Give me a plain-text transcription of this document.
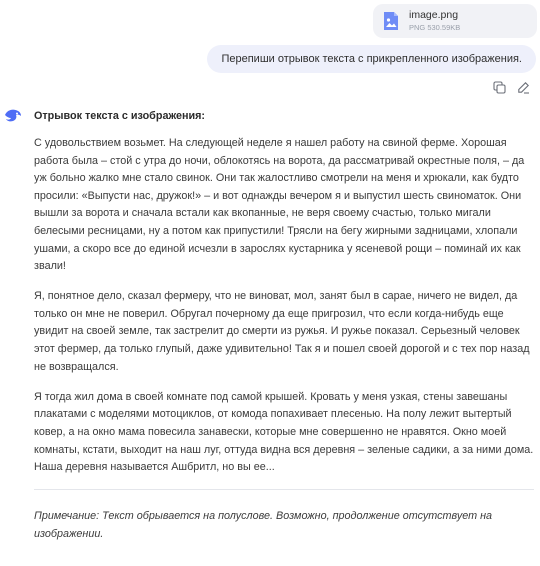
image.png
PNG 530.59KB
Перепиши отрывок текста с прикрепленного изображения.
Отрывок текста с изображения:

С удовольствием возьмет. На следующей неделе я нашел работу на свиной ферме. Хорошая работа была – стой с утра до ночи, облокотясь на ворота, да рассматривай окрестные поля, – да уж больно жалко мне стало свинок. Они так жалостливо смотрели на меня и хрюкали, как будто просили: «Выпусти нас, дружок!» – и вот однажды вечером я и выпустил шесть свиноматок. Они вышли за ворота и сначала встали как вкопанные, не веря своему счастью, только мигали белесыми ресницами, ну а потом как припустили! Трясли на бегу жирными задницами, хлопали ушами, а скоро все до единой исчезли в зарослях кустарника у ясеневой рощи – поминай их как звали!

Я, понятное дело, сказал фермеру, что не виноват, мол, занят был в сарае, ничего не видел, да только он мне не поверил. Обругал почерному да еще пригрозил, что если когда-нибудь еще увидит на своей земле, так застрелит до смерти из ружья. И ружье показал. Серьезный человек этот фермер, да только глупый, даже удивительно! Так я и пошел своей дорогой и с тех пор назад не возвращался.

Я тогда жил дома в своей комнате под самой крышей. Кровать у меня узкая, стены завешаны плакатами с моделями мотоциклов, от комода попахивает плесенью. На полу лежит вытертый ковер, а на окно мама повесила занавески, которые мне совершенно не нравятся. Окно моей комнаты, кстати, выходит на наш луг, оттуда видна вся деревня – зеленые садики, а за ними дома. Наша деревня называется Ашбритл, но вы ее...

Примечание: Текст обрывается на полуслове. Возможно, продолжение отсутствует на изображении.
